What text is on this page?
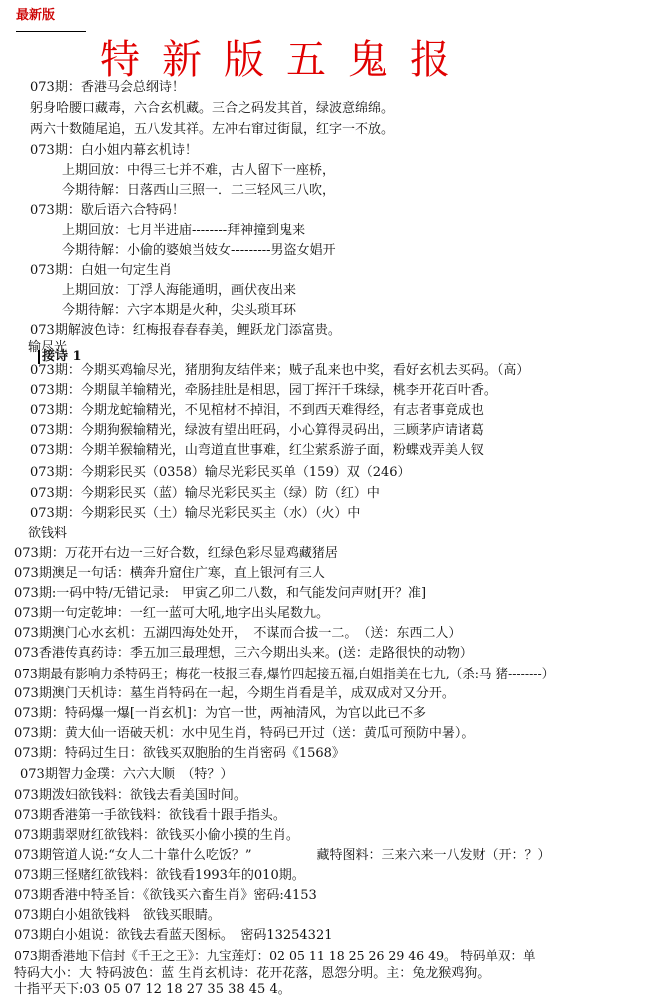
最新版
特新版五鬼报
073期：香港马会总纲诗！
躬身哈腰口藏毒，六合玄机藏。三合之码发其首，绿波意绵绵。
两六十数随尾追，五八发其祥。左冲右窜过街鼠，红字一不放。
073期：白小姐内幕玄机诗！
上期回放：中得三七并不难，古人留下一座桥，
今期待解：日落西山三照一．二三轻风三八吹，
073期：歇后语六合特码！
上期回放：七月半进庙--------拜神撞到鬼来
今期待解：小偷的婆娘当妓女---------男盗女娼开
073期：白姐一句定生肖
上期回放：丁浮人海能通明，画伏夜出来
今期待解：六字本期是火种，尖头琐耳环
073期解波色诗：红梅报春春春美，鲤跃龙门添富贵。
输尽光
接诗 1
073期：今期买鸡输尽光，猪朋狗友结伴来；贼子乱来也中奖，看好玄机去买码。（高）
073期：今期鼠羊输精光，牵肠挂肚是相思，园丁挥汗千珠绿，桃李开花百叶香。
073期：今期龙蛇输精光，不见棺材不掉泪，不到西天难得经，有志者事竟成也
073期：今期狗猴输精光，绿波有望出旺码，小心算得灵码出，三顾茅庐请诸葛
073期：今期羊猴输精光，山弯道直世事难，红尘萦系游子面，粉蝶戏弄美人钗
073期：今期彩民买（0358）输尽光彩民买单（159）双（246）
073期：今期彩民买（蓝）输尽光彩民买主（绿）防（红）中
073期：今期彩民买（土）输尽光彩民买主（水）（火）中
欲钱料
073期：万花开右边一三好合数，红绿色彩尽显鸡藏猪居
073期澳足一句话：横奔升窟住广寒，直上银河有三人
073期:一码中特/无错记录:　甲寅乙卯二八数，和气能发问声财[开？准]
073期一句定乾坤：一红一蓝可大吼,地字出头尾数九。
073期澳门心水玄机：五湖四海处处开，　不谋而合拔一二。　（送：东西二人）
073香港传真药诗：季五加三最理想，三六今期出头来。(送：走路很快的动物）
073期最有影响力杀特码王；梅花一枝报三春,爆竹四起接五福,白姐指美在七九,（杀:马 猪--------）
073期澳门天机诗：墓生肖特码在一起，今期生肖看是羊，成双成对又分开。
073期：特码爆一爆[一肖玄机]：为官一世，两袖清风，为官以此已不多
073期：黄大仙一语破天机：水中见生肖，特码已开过（送：黄瓜可预防中暑）。
073期：特码过生日：欲钱买双胞胎的生肖密码《1568》
073期智力金璞：六六大顺　（特？）
073期泼妇欲钱料：欲钱去看美国时间。
073期香港第一手欲钱料：欲钱看十跟手指头。
073期翡翠财红欲钱料：欲钱买小偷小摸的生肖。
073期管道人说:“女人二十靠什么吃饭？”　　　　　藏特图料：三来六来一八发财（开：？）
073期三怪赌红欲钱料：欲钱看1993年的010期。
073期香港中特圣旨：《欲钱买六畜生肖》密码:4153
073期白小姐欲钱料　欲钱买眼睛。
073期白小姐说：欲钱去看蓝天图标。　密码13254321
073期香港地下信封《千王之王》：九宝莲灯：02 05 11 18 25 26 29 46 49。 特码单双：单
特码大小：大 特码波色：蓝 生肖玄机诗：花开花落，恩怨分明。主：兔龙猴鸡狗。
十指平天下:03 05 07 12 18 27 35 38 45 4。
